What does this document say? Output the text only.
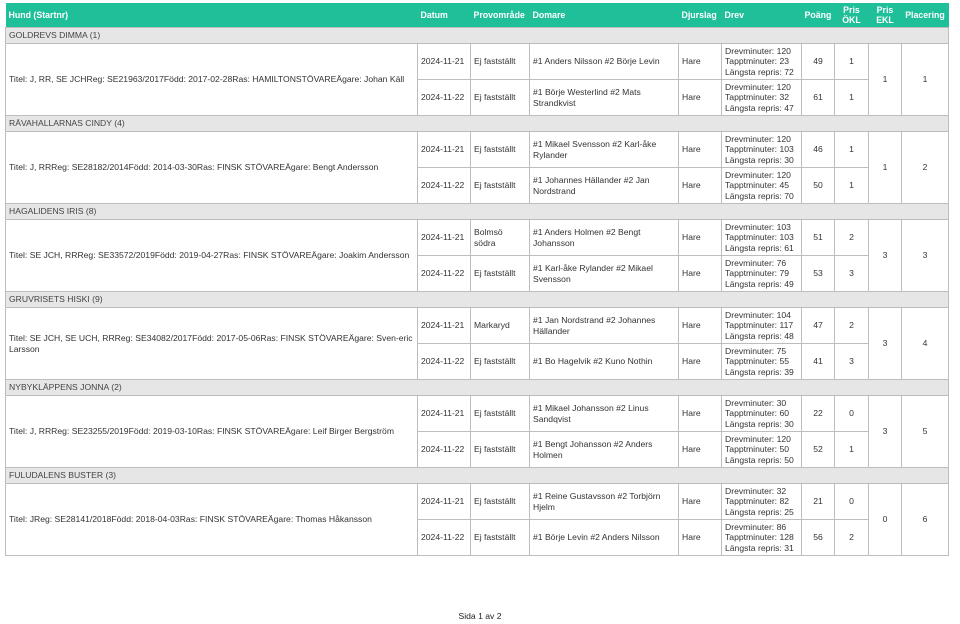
Hund (Startnr)	Datum	Provområde	Domare	Djurslag	Drev	Poäng	Pris ÖKL	Pris EKL	Placering
GOLDREVS DIMMA (1)									
Titel: J, RR, SE JCHReg: SE21963/2017Född: 2017-02-28Ras: HAMILTONSTÖVAREÄgare: Johan Käll	2024-11-21	Ej fastställt	#1 Anders Nilsson #2 Börje Levin	Hare	Drevminuter: 120
Tapptminuter: 23
Längsta repris: 72	49	1	1	1
	2024-11-22	Ej fastställt	#1 Börje Westerlind #2 Mats Strandkvist	Hare	Drevminuter: 120
Tapptminuter: 32
Längsta repris: 47	61	1		
RÄVAHALLARNAS CINDY (4)									
Titel: J, RRReg: SE28182/2014Född: 2014-03-30Ras: FINSK STÖVAREÄgare: Bengt Andersson	2024-11-21	Ej fastställt	#1 Mikael Svensson #2 Karl-åke Rylander	Hare	Drevminuter: 120
Tapptminuter: 103
Längsta repris: 30	46	1	1	2
	2024-11-22	Ej fastställt	#1 Johannes Hällander #2 Jan Nordstrand	Hare	Drevminuter: 120
Tapptminuter: 45
Längsta repris: 70	50	1		
HAGALIDENS IRIS (8)									
Titel: SE JCH, RRReg: SE33572/2019Född: 2019-04-27Ras: FINSK STÖVAREÄgare: Joakim Andersson	2024-11-21	Bolmsö södra	#1 Anders Holmen #2 Bengt Johansson	Hare	Drevminuter: 103
Tapptminuter: 103
Längsta repris: 61	51	2	3	3
	2024-11-22	Ej fastställt	#1 Karl-åke Rylander #2 Mikael Svensson	Hare	Drevminuter: 76
Tapptminuter: 79
Längsta repris: 49	53	3		
GRUVRISETS HISKI (9)									
Titel: SE JCH, SE UCH, RRReg: SE34082/2017Född: 2017-05-06Ras: FINSK STÖVAREÄgare: Sven-eric Larsson	2024-11-21	Markaryd	#1 Jan Nordstrand #2 Johannes Hällander	Hare	Drevminuter: 104
Tapptminuter: 117
Längsta repris: 48	47	2	3	4
	2024-11-22	Ej fastställt	#1 Bo Hagelvik #2 Kuno Nothin	Hare	Drevminuter: 75
Tapptminuter: 55
Längsta repris: 39	41	3		
NYBYKLÄPPENS JONNA (2)									
Titel: J, RRReg: SE23255/2019Född: 2019-03-10Ras: FINSK STÖVAREÄgare: Leif Birger Bergström	2024-11-21	Ej fastställt	#1 Mikael Johansson #2 Linus Sandqvist	Hare	Drevminuter: 30
Tapptminuter: 60
Längsta repris: 30	22	0	3	5
	2024-11-22	Ej fastställt	#1 Bengt Johansson #2 Anders Holmen	Hare	Drevminuter: 120
Tapptminuter: 50
Längsta repris: 50	52	1		
FULUDALENS BUSTER (3)									
Titel: JReg: SE28141/2018Född: 2018-04-03Ras: FINSK STÖVAREÄgare: Thomas Håkansson	2024-11-21	Ej fastställt	#1 Reine Gustavsson #2 Torbjörn Hjelm	Hare	Drevminuter: 32
Tapptminuter: 82
Längsta repris: 25	21	0	0	6
	2024-11-22	Ej fastställt	#1 Börje Levin #2 Anders Nilsson	Hare	Drevminuter: 86
Tapptminuter: 128
Längsta repris: 31	56	2		
Sida 1 av 2
